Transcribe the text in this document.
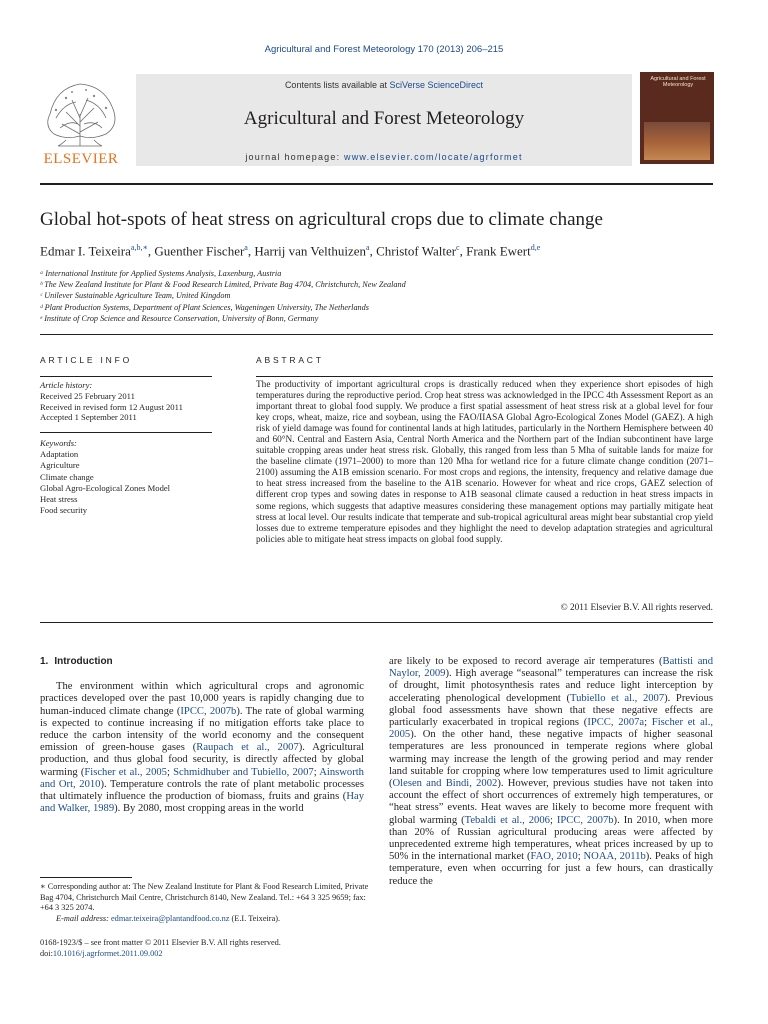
Agricultural and Forest Meteorology 170 (2013) 206–215
ELSEVIER
Contents lists available at SciVerse ScienceDirect
Agricultural and Forest Meteorology
journal homepage: www.elsevier.com/locate/agrformet
Agricultural and Forest Meteorology
Global hot-spots of heat stress on agricultural crops due to climate change
Edmar I. Teixeira$^{a,b,∗}$, Guenther Fischer$^a$, Harrij van Velthuizen$^a$, Christof Walter$^c$, Frank Ewert$^{d,e}$
ᵃ International Institute for Applied Systems Analysis, Laxenburg, Austria
ᵇ The New Zealand Institute for Plant & Food Research Limited, Private Bag 4704, Christchurch, New Zealand
ᶜ Unilever Sustainable Agriculture Team, United Kingdom
ᵈ Plant Production Systems, Department of Plant Sciences, Wageningen University, The Netherlands
ᵉ Institute of Crop Science and Resource Conservation, University of Bonn, Germany
ARTICLE INFO	ABSTRACT
Article history:
Received 25 February 2011
Received in revised form 12 August 2011
Accepted 1 September 2011
Keywords:
Adaptation
Agriculture
Climate change
Global Agro-Ecological Zones Model
Heat stress
Food security
The productivity of important agricultural crops is drastically reduced when they experience short episodes of high temperatures during the reproductive period. Crop heat stress was acknowledged in the IPCC 4th Assessment Report as an important threat to global food supply. We produce a first spatial assessment of heat stress risk at a global level for four key crops, wheat, maize, rice and soybean, using the FAO/IIASA Global Agro-Ecological Zones Model (GAEZ). A high risk of yield damage was found for continental lands at high latitudes, particularly in the Northern Hemisphere between 40 and 60°N. Central and Eastern Asia, Central North America and the Northern part of the Indian subcontinent have large suitable cropping areas under heat stress risk. Globally, this ranged from less than 5 Mha of suitable lands for maize for the baseline climate (1971–2000) to more than 120 Mha for wetland rice for a future climate change condition (2071–2100) assuming the A1B emission scenario. For most crops and regions, the intensity, frequency and relative damage due to heat stress increased from the baseline to the A1B scenario. However for wheat and rice crops, GAEZ selection of different crop types and sowing dates in response to A1B seasonal climate caused a reduction in heat stress impacts in some regions, which suggests that adaptive measures considering these management options may partially mitigate heat stress at local level. Our results indicate that temperate and sub-tropical agricultural areas might bear substantial crop yield losses due to extreme temperature episodes and they highlight the need to develop adaptation strategies and agricultural policies able to mitigate heat stress impacts on global food supply.
© 2011 Elsevier B.V. All rights reserved.
1. Introduction

The environment within which agricultural crops and agronomic practices developed over the past 10,000 years is rapidly changing due to human-induced climate change (IPCC, 2007b). The rate of global warming is expected to continue increasing if no mitigation efforts take place to reduce the carbon intensity of the world economy and the consequent emission of green-house gases (Raupach et al., 2007). Agricultural production, and thus global food security, is directly affected by global warming (Fischer et al., 2005; Schmidhuber and Tubiello, 2007; Ainsworth and Ort, 2010). Temperature controls the rate of plant metabolic processes that ultimately influence the production of biomass, fruits and grains (Hay and Walker, 1989). By 2080, most cropping areas in the world

are likely to be exposed to record average air temperatures (Battisti and Naylor, 2009). High average “seasonal” temperatures can increase the risk of drought, limit photosynthesis rates and reduce light interception by accelerating phenological development (Tubiello et al., 2007). Previous global food assessments have shown that these negative effects are particularly exacerbated in tropical regions (IPCC, 2007a; Fischer et al., 2005). On the other hand, these negative impacts of higher seasonal temperatures are less pronounced in temperate regions where global warming may increase the length of the growing period and may render land suitable for cropping where low temperatures used to limit agriculture (Olesen and Bindi, 2002). However, previous studies have not taken into account the effect of short occurrences of extremely high temperatures, or “heat stress” events. Heat waves are likely to become more frequent with global warming (Tebaldi et al., 2006; IPCC, 2007b). In 2010, when more than 20% of Russian agricultural producing areas were affected by unprecedented extreme high temperatures, wheat prices increased by up to 50% in the international market (FAO, 2010; NOAA, 2011b). Peaks of high temperature, even when occurring for just a few hours, can drastically reduce the

∗ Corresponding author at: The New Zealand Institute for Plant & Food Research Limited, Private Bag 4704, Christchurch Mail Centre, Christchurch 8140, New Zealand. Tel.: +64 3 325 9659; fax: +64 3 325 2074.
E-mail address: edmar.teixeira@plantandfood.co.nz (E.I. Teixeira).
0168-1923/$ – see front matter © 2011 Elsevier B.V. All rights reserved.
doi:10.1016/j.agrformet.2011.09.002
